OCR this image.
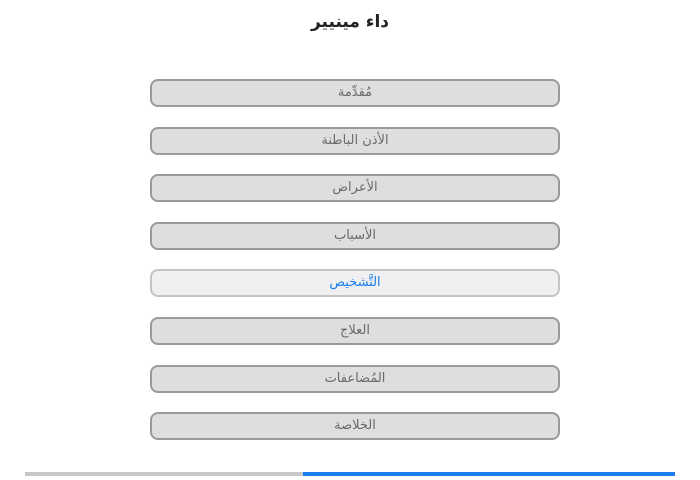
داء مينيير
مُقدِّمة
الأذن الباطنة
الأعراض
الأسباب
التَّشخيص
العلاج
المُضاعفات
الخلاصة
